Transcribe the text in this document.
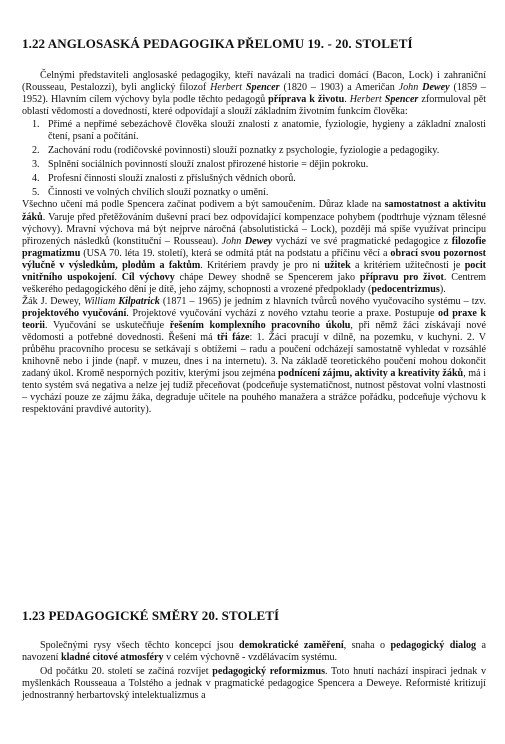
1.22 ANGLOSASKÁ PEDAGOGIKA PŘELOMU 19. - 20. STOLETÍ

Čelnými představiteli anglosaské pedagogiky, kteří navázali na tradici domácí (Bacon, Lock) i zahraniční (Rousseau, Pestalozzi), byli anglický filozof Herbert Spencer (1820 – 1903) a Američan John Dewey (1859 – 1952). Hlavním cílem výchovy byla podle těchto pedagogů příprava k životu. Herbert Spencer zformuloval pět oblastí vědomostí a dovedností, které odpovídají a slouží základním životním funkcím člověka:

1. Přímé a nepřímé sebezáchově člověka slouží znalosti z anatomie, fyziologie, hygieny a základní znalosti čtení, psaní a počítání.
2. Zachování rodu (rodičovské povinnosti) slouží poznatky z psychologie, fyziologie a pedagogiky.
3. Splnění sociálních povinností slouží znalost přirozené historie = dějin pokroku.
4. Profesní činnosti slouží znalosti z příslušných vědních oborů.
5. Činnosti ve volných chvílích slouží poznatky o umění.

Všechno učení má podle Spencera začínat podivem a být samoučením. Důraz klade na samostatnost a aktivitu žáků. Varuje před přetěžováním duševní prací bez odpovídající kompenzace pohybem (podtrhuje význam tělesné výchovy). Mravní výchova má být nejprve náročná (absolutistická – Lock), později má spíše využívat principu přirozených následků (konstituční – Rousseau). John Dewey vychází ve své pragmatické pedagogice z filozofie pragmatizmu (USA 70. léta 19. století), která se odmítá ptát na podstatu a příčinu věcí a obrací svou pozornost výlučně v výsledkům, plodům a faktům. Kritériem pravdy je pro ni užitek a kritériem užitečnosti je pocit vnitřního uspokojení. Cíl výchovy chápe Dewey shodně se Spencerem jako přípravu pro život. Centrem veškerého pedagogického dění je dítě, jeho zájmy, schopnosti a vrozené předpoklady (pedocentrizmus).

Žák J. Dewey, William Kilpatrick (1871 – 1965) je jedním z hlavních tvůrců nového vyučovacího systému – tzv. projektového vyučování. Projektové vyučování vychází z nového vztahu teorie a praxe. Postupuje od praxe k teorii. Vyučování se uskutečňuje řešením komplexního pracovního úkolu, při němž žáci získávají nové vědomosti a potřebné dovednosti. Řešení má tři fáze: 1. Žáci pracují v dílně, na pozemku, v kuchyni. 2. V průběhu pracovního procesu se setkávají s obtížemi – radu a poučení odcházejí samostatně vyhledat v rozsáhlé knihovně nebo i jinde (např. v muzeu, dnes i na internetu). 3. Na základě teoretického poučení mohou dokončit zadaný úkol. Kromě nesporných pozitiv, kterými jsou zejména podnícení zájmu, aktivity a kreativity žáků, má i tento systém svá negativa a nelze jej tudíž přeceňovat (podceňuje systematičnost, nutnost pěstovat volní vlastnosti – vychází pouze ze zájmu žáka, degraduje učitele na pouhého manažera a strážce pořádku, podceňuje výchovu k respektování pravdivé autority).

1.23 PEDAGOGICKÉ SMĚRY 20. STOLETÍ

Společnými rysy všech těchto koncepcí jsou demokratické zaměření, snaha o pedagogický dialog a navození kladné citové atmosféry v celém výchovně - vzdělávacím systému.

Od počátku 20. století se začíná rozvíjet pedagogický reformizmus. Toto hnutí nachází inspiraci jednak v myšlenkách Rousseaua a Tolstého a jednak v pragmatické pedagogice Spencera a Deweye. Reformisté kritizují jednostranný herbartovský intelektualizmus a
